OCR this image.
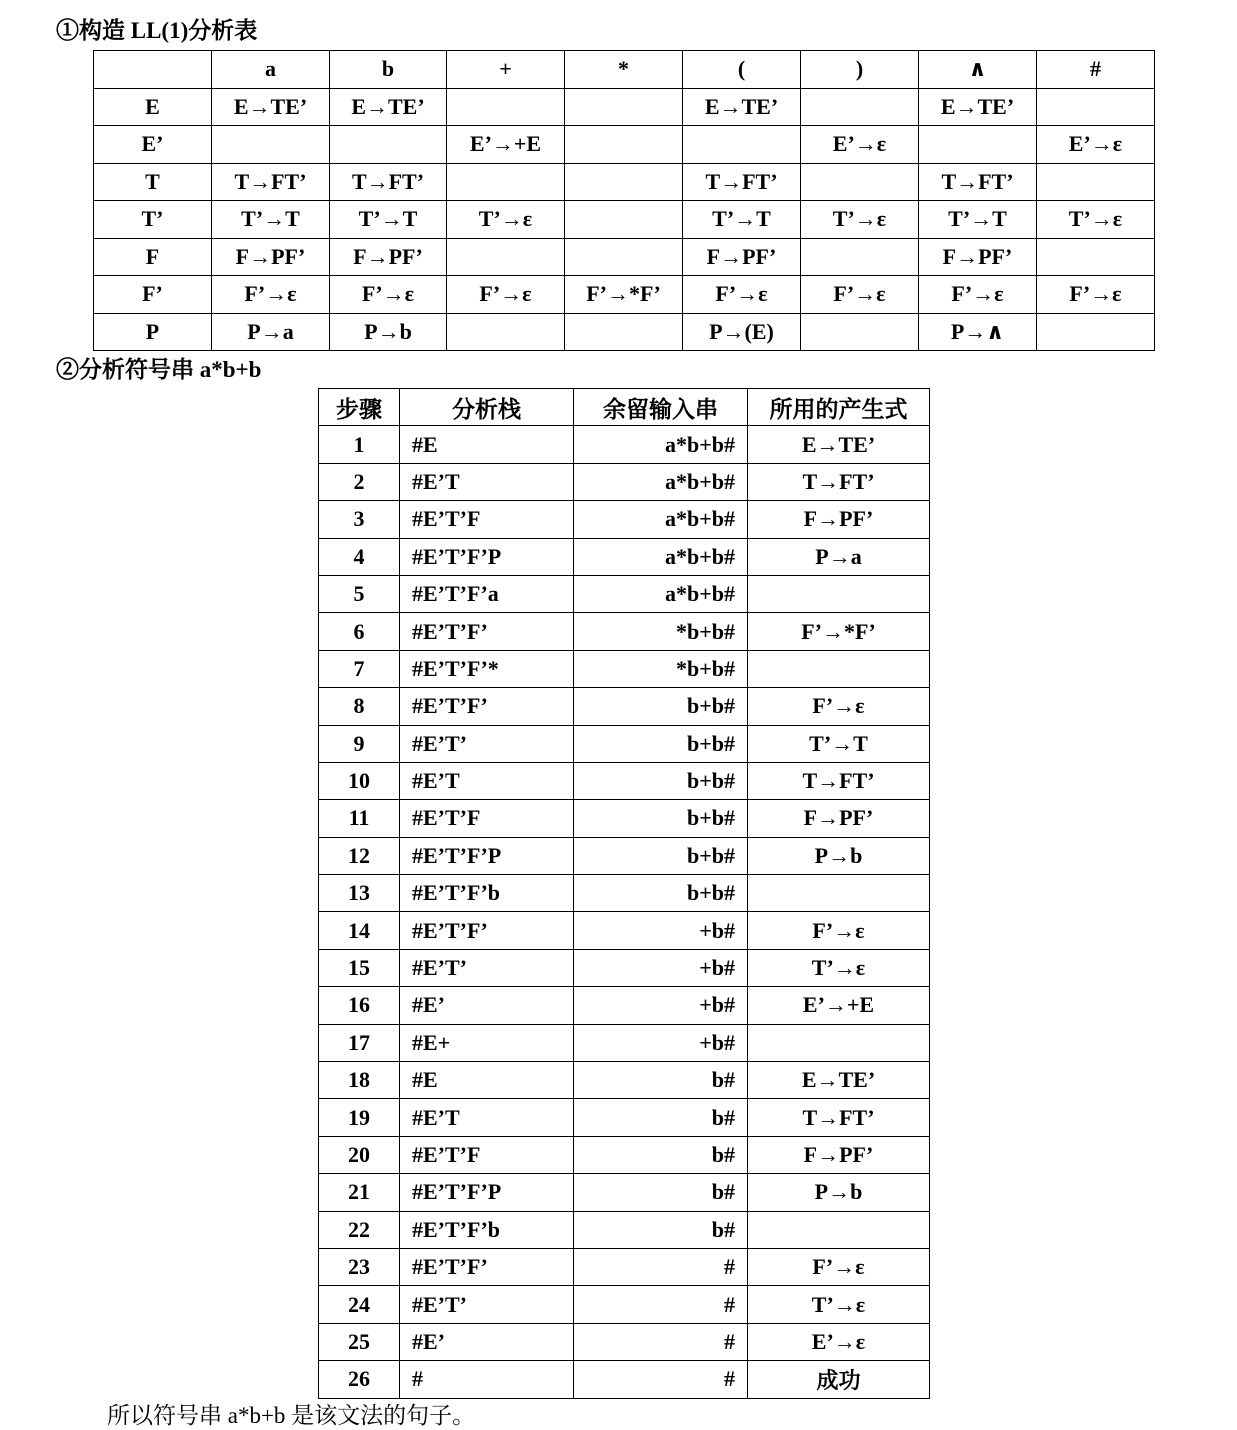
①构造 LL(1)分析表
	a	b	+	*	(	)	∧	#
E	E→TE’	E→TE’			E→TE’		E→TE’	
E’			E’→+E			E’→ε		E’→ε
T	T→FT’	T→FT’			T→FT’		T→FT’	
T’	T’→T	T’→T	T’→ε		T’→T	T’→ε	T’→T	T’→ε
F	F→PF’	F→PF’			F→PF’		F→PF’	
F’	F’→ε	F’→ε	F’→ε	F’→*F’	F’→ε	F’→ε	F’→ε	F’→ε
P	P→a	P→b			P→(E)		P→∧	
②分析符号串 a*b+b
步骤	分析栈	余留输入串	所用的产生式
1	#E	a*b+b#	E→TE’
2	#E’T	a*b+b#	T→FT’
3	#E’T’F	a*b+b#	F→PF’
4	#E’T’F’P	a*b+b#	P→a
5	#E’T’F’a	a*b+b#	
6	#E’T’F’	*b+b#	F’→*F’
7	#E’T’F’*	*b+b#	
8	#E’T’F’	b+b#	F’→ε
9	#E’T’	b+b#	T’→T
10	#E’T	b+b#	T→FT’
11	#E’T’F	b+b#	F→PF’
12	#E’T’F’P	b+b#	P→b
13	#E’T’F’b	b+b#	
14	#E’T’F’	+b#	F’→ε
15	#E’T’	+b#	T’→ε
16	#E’	+b#	E’→+E
17	#E+	+b#	
18	#E	b#	E→TE’
19	#E’T	b#	T→FT’
20	#E’T’F	b#	F→PF’
21	#E’T’F’P	b#	P→b
22	#E’T’F’b	b#	
23	#E’T’F’	#	F’→ε
24	#E’T’	#	T’→ε
25	#E’	#	E’→ε
26	#	#	成功
所以符号串 a*b+b 是该文法的句子。
